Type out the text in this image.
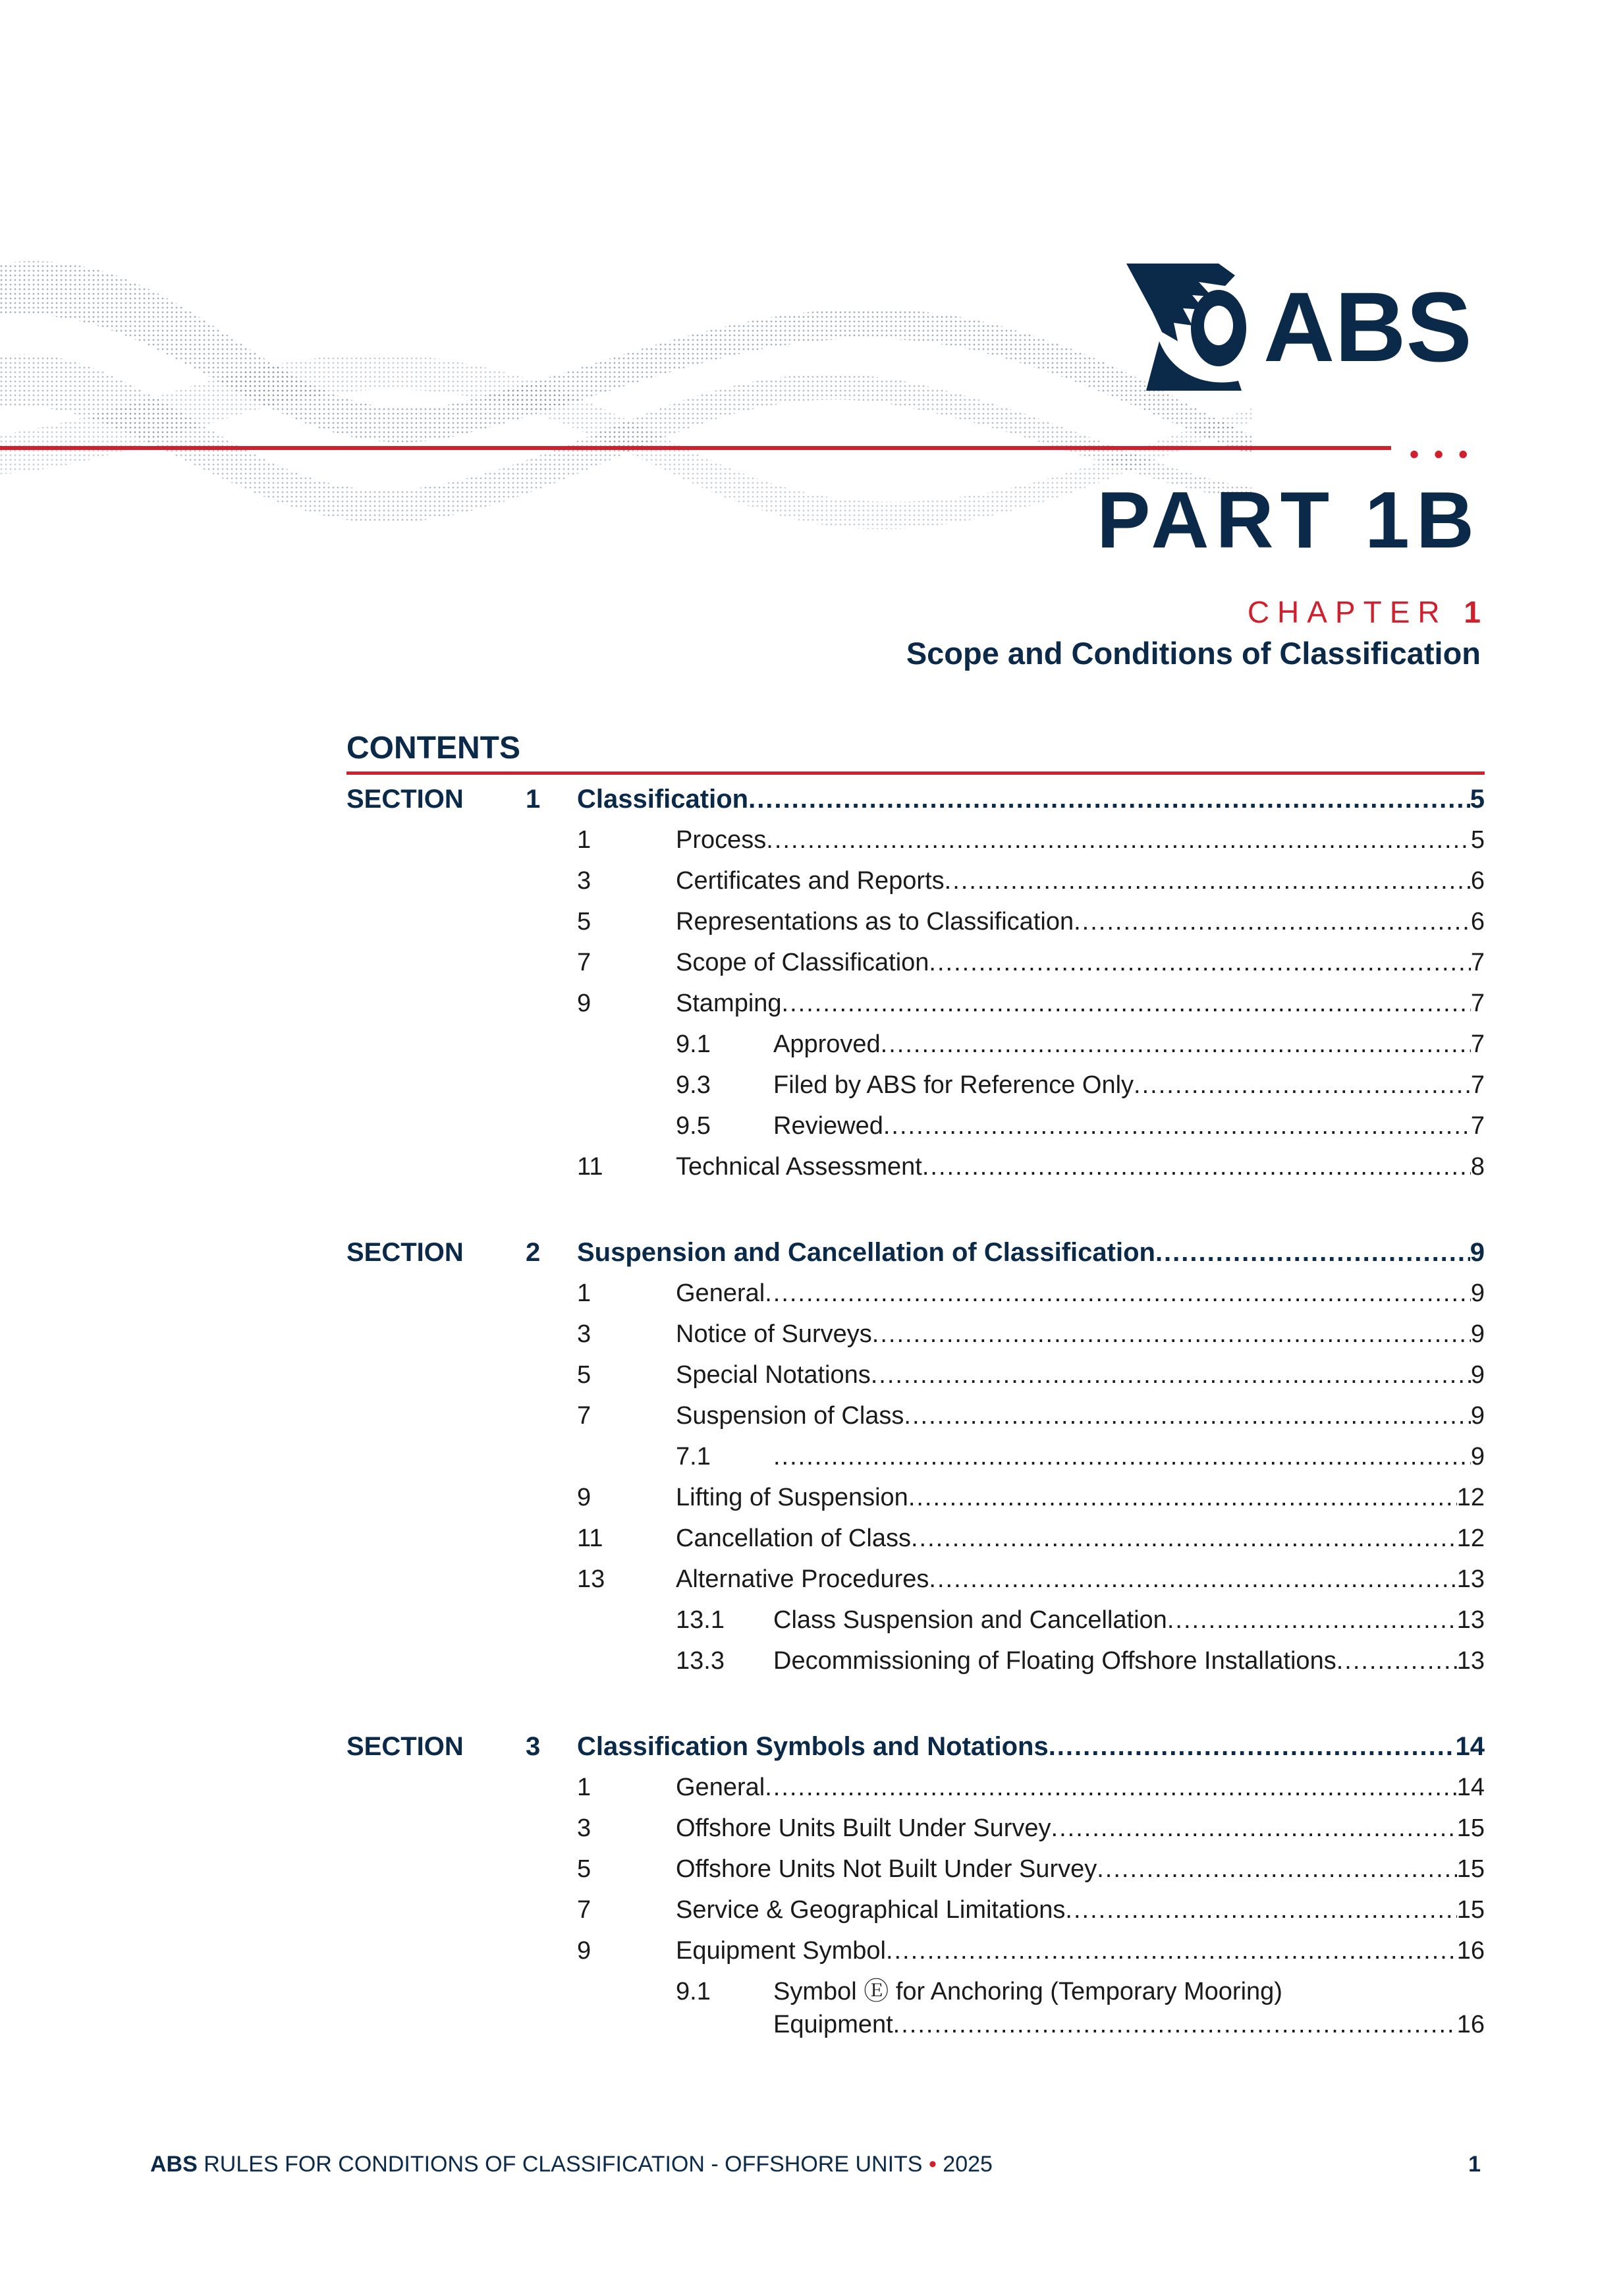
• • •
ABS
PART 1B
CHAPTER 1
Scope and Conditions of Classification
CONTENTS
SECTION 1 Classification .....	5
1	Process .....	5
3	Certificates and Reports .....	6
5	Representations as to Classification .....	6
7	Scope of Classification .....	7
9	Stamping .....	7
9.1	Approved .....	7
9.3	Filed by ABS for Reference Only .....	7
9.5	Reviewed .....	7
11	Technical Assessment .....	8
SECTION 2 Suspension and Cancellation of Classification .....	9
1	General .....	9
3	Notice of Surveys .....	9
5	Special Notations .....	9
7	Suspension of Class .....	9
7.1 .....	9
9	Lifting of Suspension .....	12
11	Cancellation of Class .....	12
13	Alternative Procedures .....	13
13.1 Class Suspension and Cancellation .....	13
13.3 Decommissioning of Floating Offshore Installations .....	13
SECTION 3 Classification Symbols and Notations .....	14
1	General .....	14
3	Offshore Units Built Under Survey .....	15
5	Offshore Units Not Built Under Survey .....	15
7	Service & Geographical Limitations .....	15
9	Equipment Symbol .....	16
9.1	Symbol Ⓔ for Anchoring (Temporary Mooring)
Equipment .....	16
ABS RULES FOR CONDITIONS OF CLASSIFICATION - OFFSHORE UNITS • 2025	1
